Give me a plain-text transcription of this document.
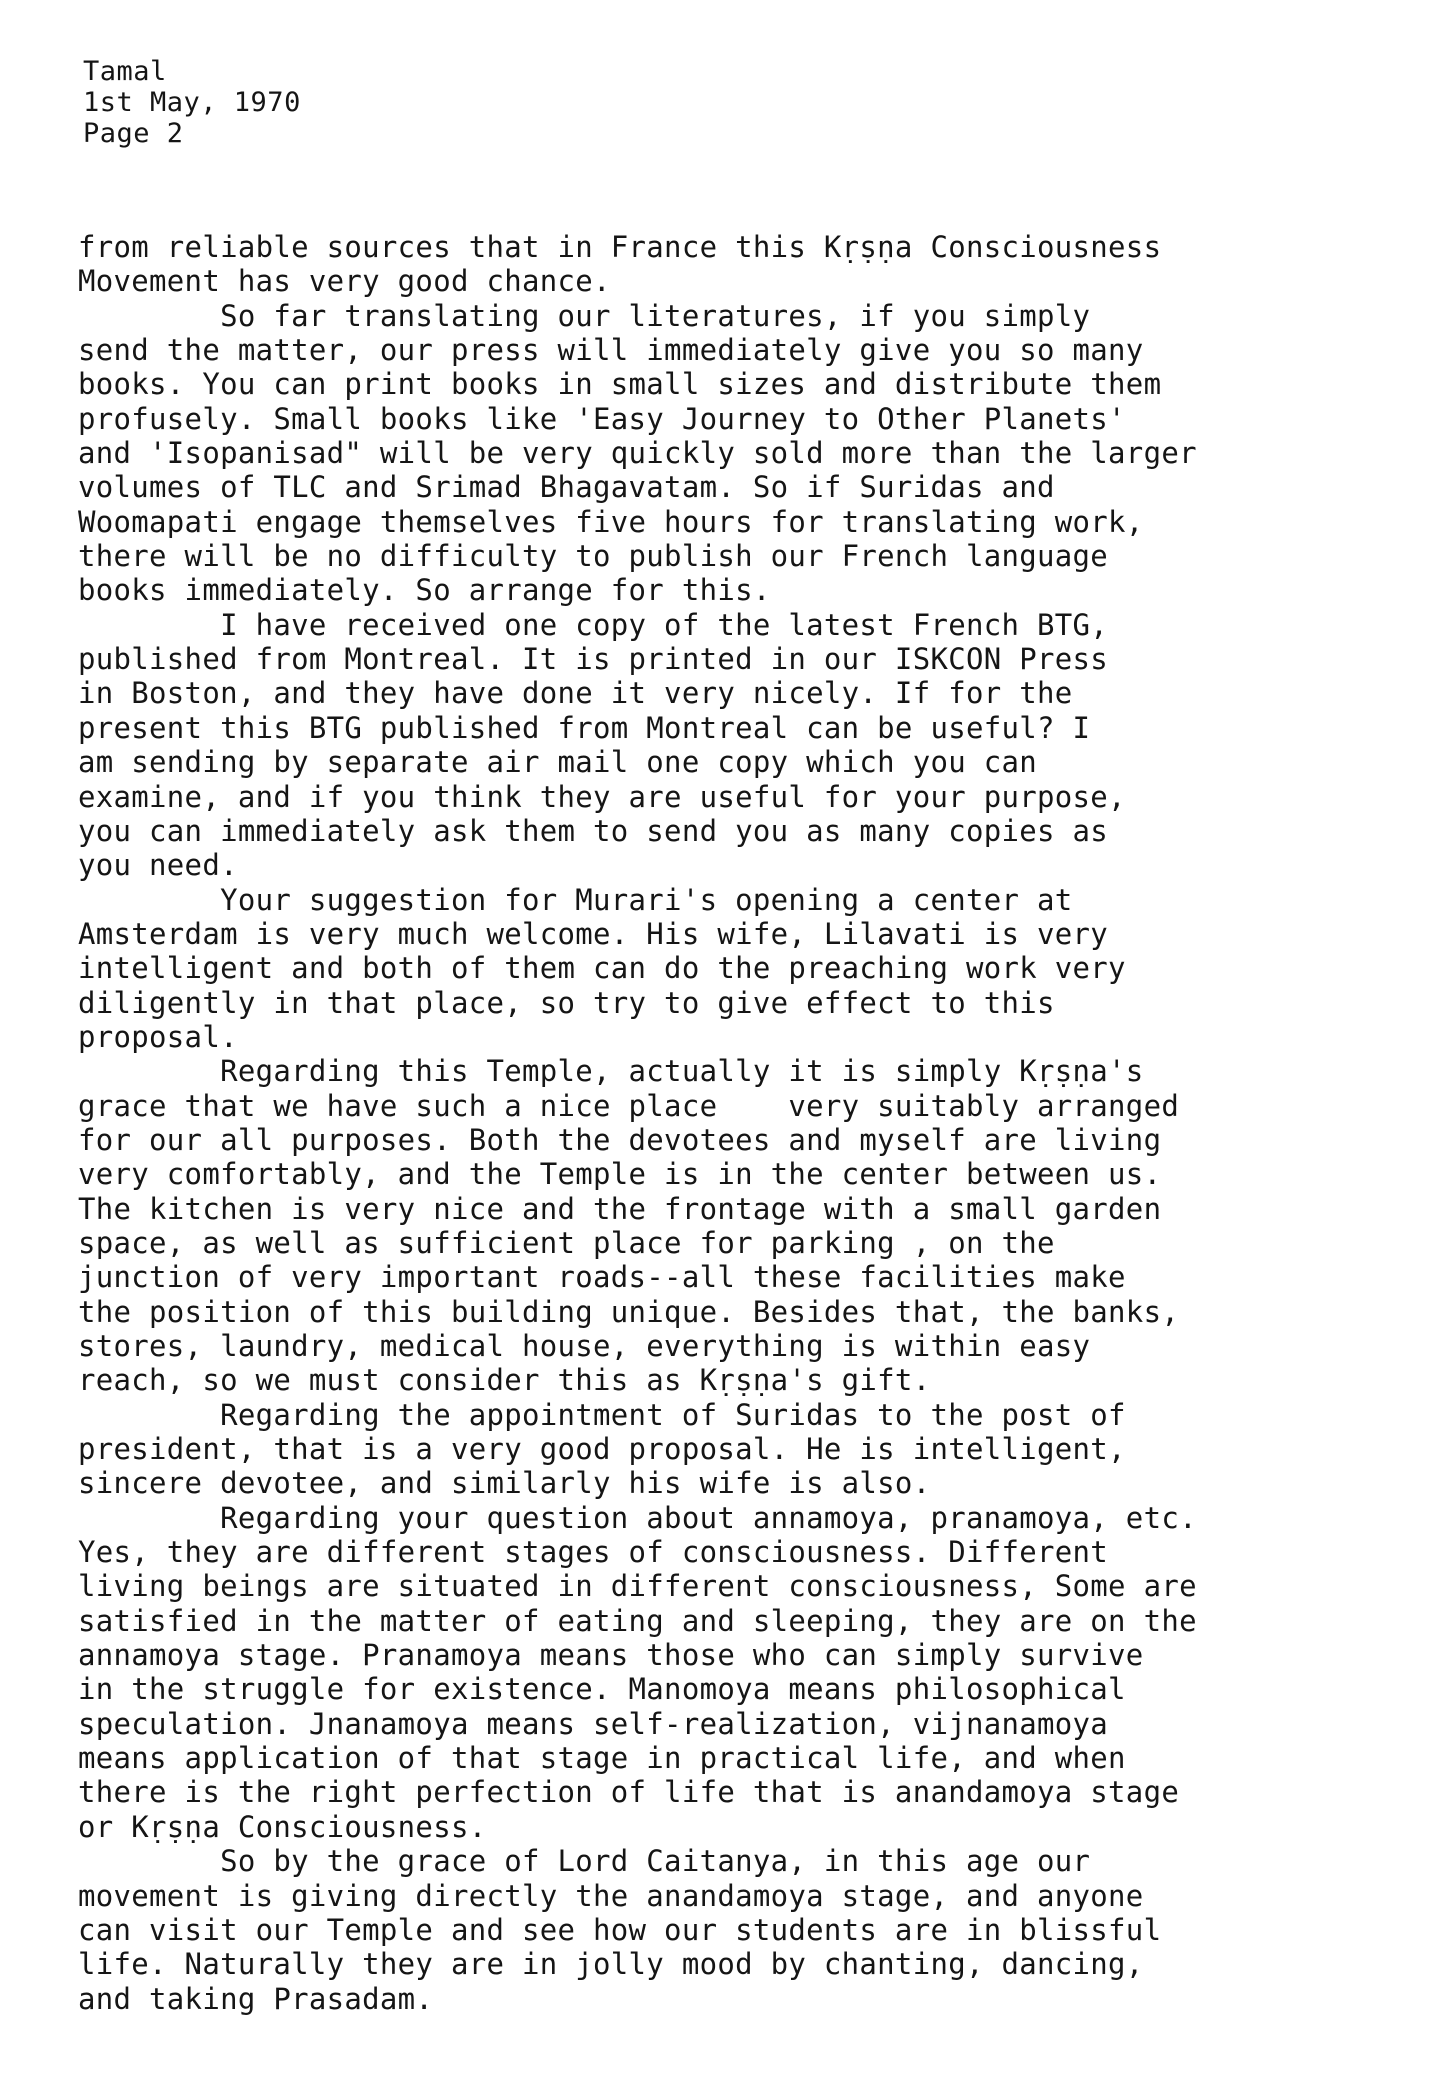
Tamal
1st May, 1970
Page 2
from reliable sources that in France this Kṛṣṇa Consciousness
Movement has very good chance.
So far translating our literatures, if you simply
send the matter, our press will immediately give you so many
books. You can print books in small sizes and distribute them
profusely. Small books like 'Easy Journey to Other Planets'
and 'Isopanisad" will be very quickly sold more than the larger
volumes of TLC and Srimad Bhagavatam. So if Suridas and
Woomapati engage themselves five hours for translating work,
there will be no difficulty to publish our French language
books immediately. So arrange for this.
I have received one copy of the latest French BTG,
published from Montreal. It is printed in our ISKCON Press
in Boston, and they have done it very nicely. If for the
present this BTG published from Montreal can be useful? I
am sending by separate air mail one copy which you can
examine, and if you think they are useful for your purpose,
you can immediately ask them to send you as many copies as
you need.
Your suggestion for Murari's opening a center at
Amsterdam is very much welcome. His wife, Lilavati is very
intelligent and both of them can do the preaching work very
diligently in that place, so try to give effect to this
proposal.
Regarding this Temple, actually it is simply Kṛṣṇa's
grace that we have such a nice place    very suitably arranged
for our all purposes. Both the devotees and myself are living
very comfortably, and the Temple is in the center between us.
The kitchen is very nice and the frontage with a small garden
space, as well as sufficient place for parking , on the
junction of very important roads--all these facilities make
the position of this building unique. Besides that, the banks,
stores, laundry, medical house, everything is within easy
reach, so we must consider this as Kṛṣṇa's gift.
Regarding the appointment of Suridas to the post of
president, that is a very good proposal. He is intelligent,
sincere devotee, and similarly his wife is also.
Regarding your question about annamoya, pranamoya, etc.
Yes, they are different stages of consciousness. Different
living beings are situated in different consciousness, Some are
satisfied in the matter of eating and sleeping, they are on the
annamoya stage. Pranamoya means those who can simply survive
in the struggle for existence. Manomoya means philosophical
speculation. Jnanamoya means self-realization, vijnanamoya
means application of that stage in practical life, and when
there is the right perfection of life that is anandamoya stage
or Kṛṣṇa Consciousness.
So by the grace of Lord Caitanya, in this age our
movement is giving directly the anandamoya stage, and anyone
can visit our Temple and see how our students are in blissful
life. Naturally they are in jolly mood by chanting, dancing,
and taking Prasadam.
